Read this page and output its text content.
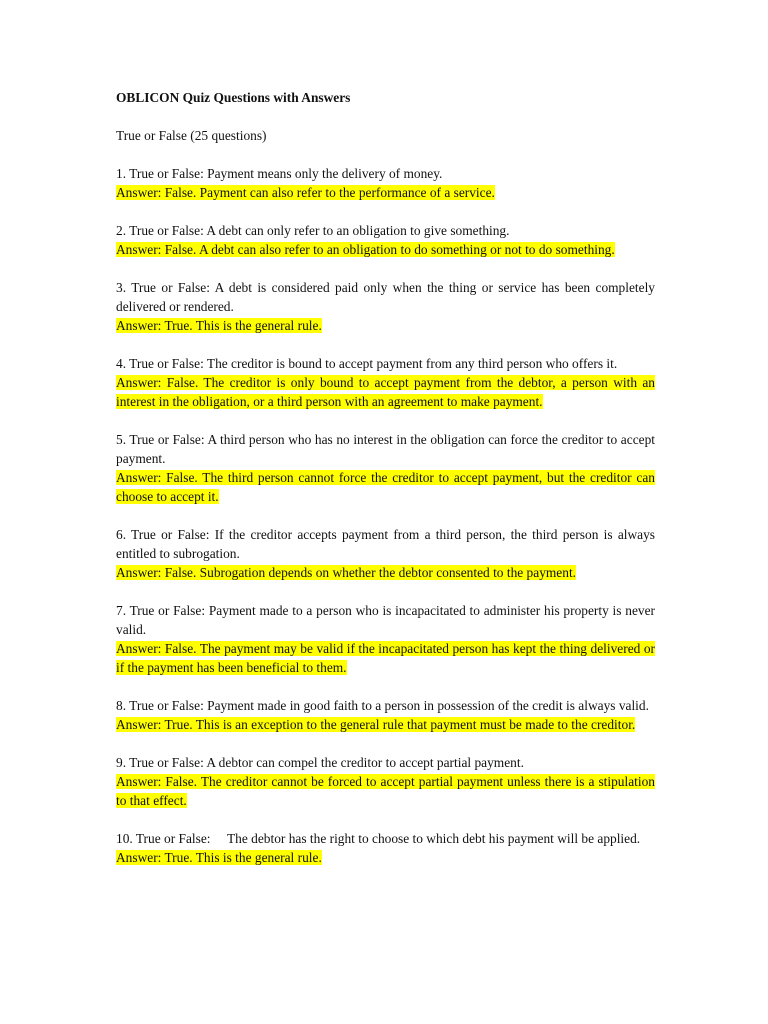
OBLICON Quiz Questions with Answers
True or False (25 questions)
1. True or False: Payment means only the delivery of money.
Answer: False. Payment can also refer to the performance of a service.
2. True or False: A debt can only refer to an obligation to give something.
Answer: False. A debt can also refer to an obligation to do something or not to do something.
3. True or False: A debt is considered paid only when the thing or service has been completely delivered or rendered.
Answer: True. This is the general rule.
4. True or False: The creditor is bound to accept payment from any third person who offers it.
Answer: False. The creditor is only bound to accept payment from the debtor, a person with an interest in the obligation, or a third person with an agreement to make payment.
5. True or False: A third person who has no interest in the obligation can force the creditor to accept payment.
Answer: False. The third person cannot force the creditor to accept payment, but the creditor can choose to accept it.
6. True or False: If the creditor accepts payment from a third person, the third person is always entitled to subrogation.
Answer: False. Subrogation depends on whether the debtor consented to the payment.
7. True or False: Payment made to a person who is incapacitated to administer his property is never valid.
Answer: False. The payment may be valid if the incapacitated person has kept the thing delivered or if the payment has been beneficial to them.
8. True or False: Payment made in good faith to a person in possession of the credit is always valid.
Answer: True. This is an exception to the general rule that payment must be made to the creditor.
9. True or False: A debtor can compel the creditor to accept partial payment.
Answer: False. The creditor cannot be forced to accept partial payment unless there is a stipulation to that effect.
10. True or False:     The debtor has the right to choose to which debt his payment will be applied.
Answer: True. This is the general rule.
